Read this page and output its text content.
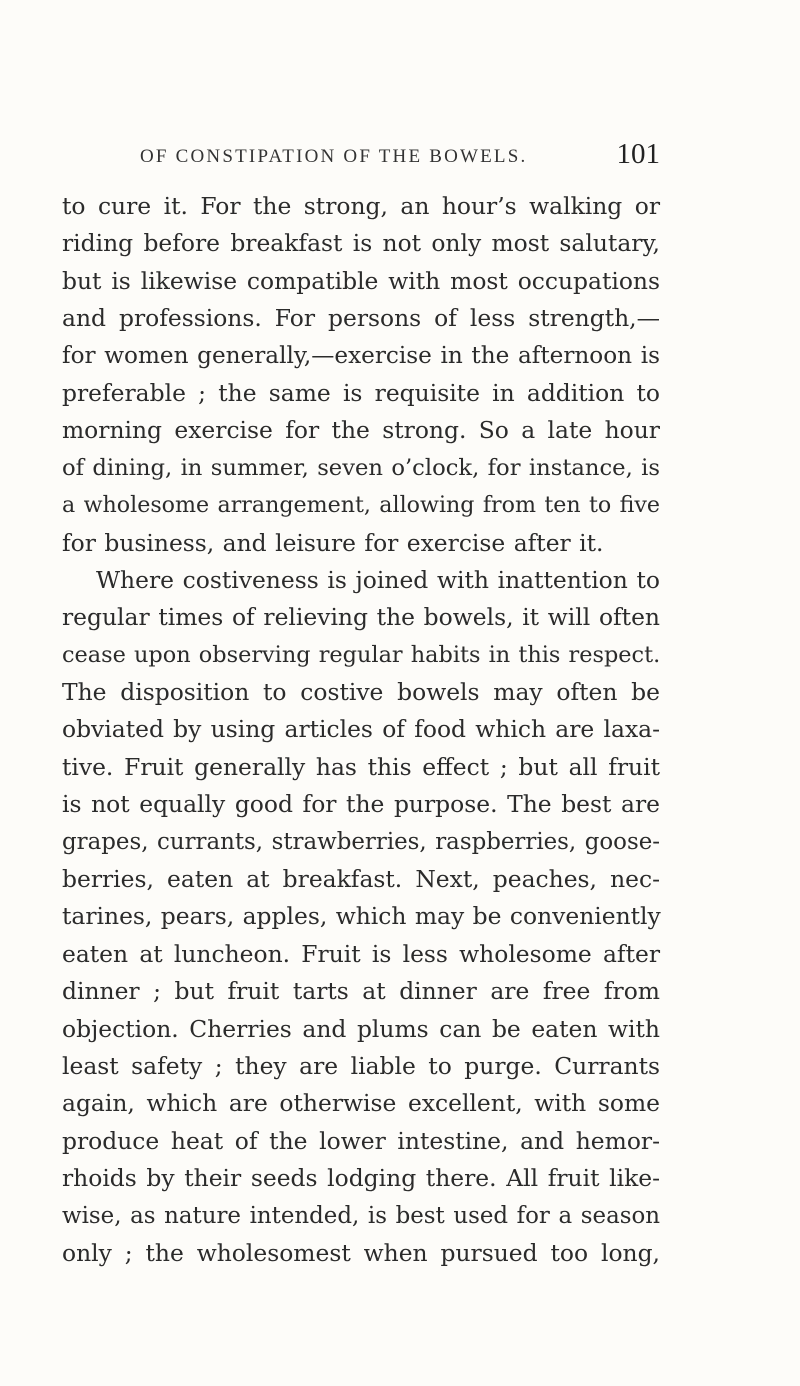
OF CONSTIPATION OF THE BOWELS.	101
to cure it. For the strong, an hour’s walking or
riding before breakfast is not only most salutary,
but is likewise compatible with most occupations
and professions. For persons of less strength,—
for women generally,—exercise in the afternoon is
preferable ; the same is requisite in addition to
morning exercise for the strong. So a late hour
of dining, in summer, seven o’clock, for instance, is
a wholesome arrangement, allowing from ten to five
for business, and leisure for exercise after it.
Where costiveness is joined with inattention to
regular times of relieving the bowels, it will often
cease upon observing regular habits in this respect.
The disposition to costive bowels may often be
obviated by using articles of food which are laxa-
tive. Fruit generally has this effect ; but all fruit
is not equally good for the purpose. The best are
grapes, currants, strawberries, raspberries, goose-
berries, eaten at breakfast. Next, peaches, nec-
tarines, pears, apples, which may be conveniently
eaten at luncheon. Fruit is less wholesome after
dinner ; but fruit tarts at dinner are free from
objection. Cherries and plums can be eaten with
least safety ; they are liable to purge. Currants
again, which are otherwise excellent, with some
produce heat of the lower intestine, and hemor-
rhoids by their seeds lodging there. All fruit like-
wise, as nature intended, is best used for a season
only ; the wholesomest when pursued too long,
